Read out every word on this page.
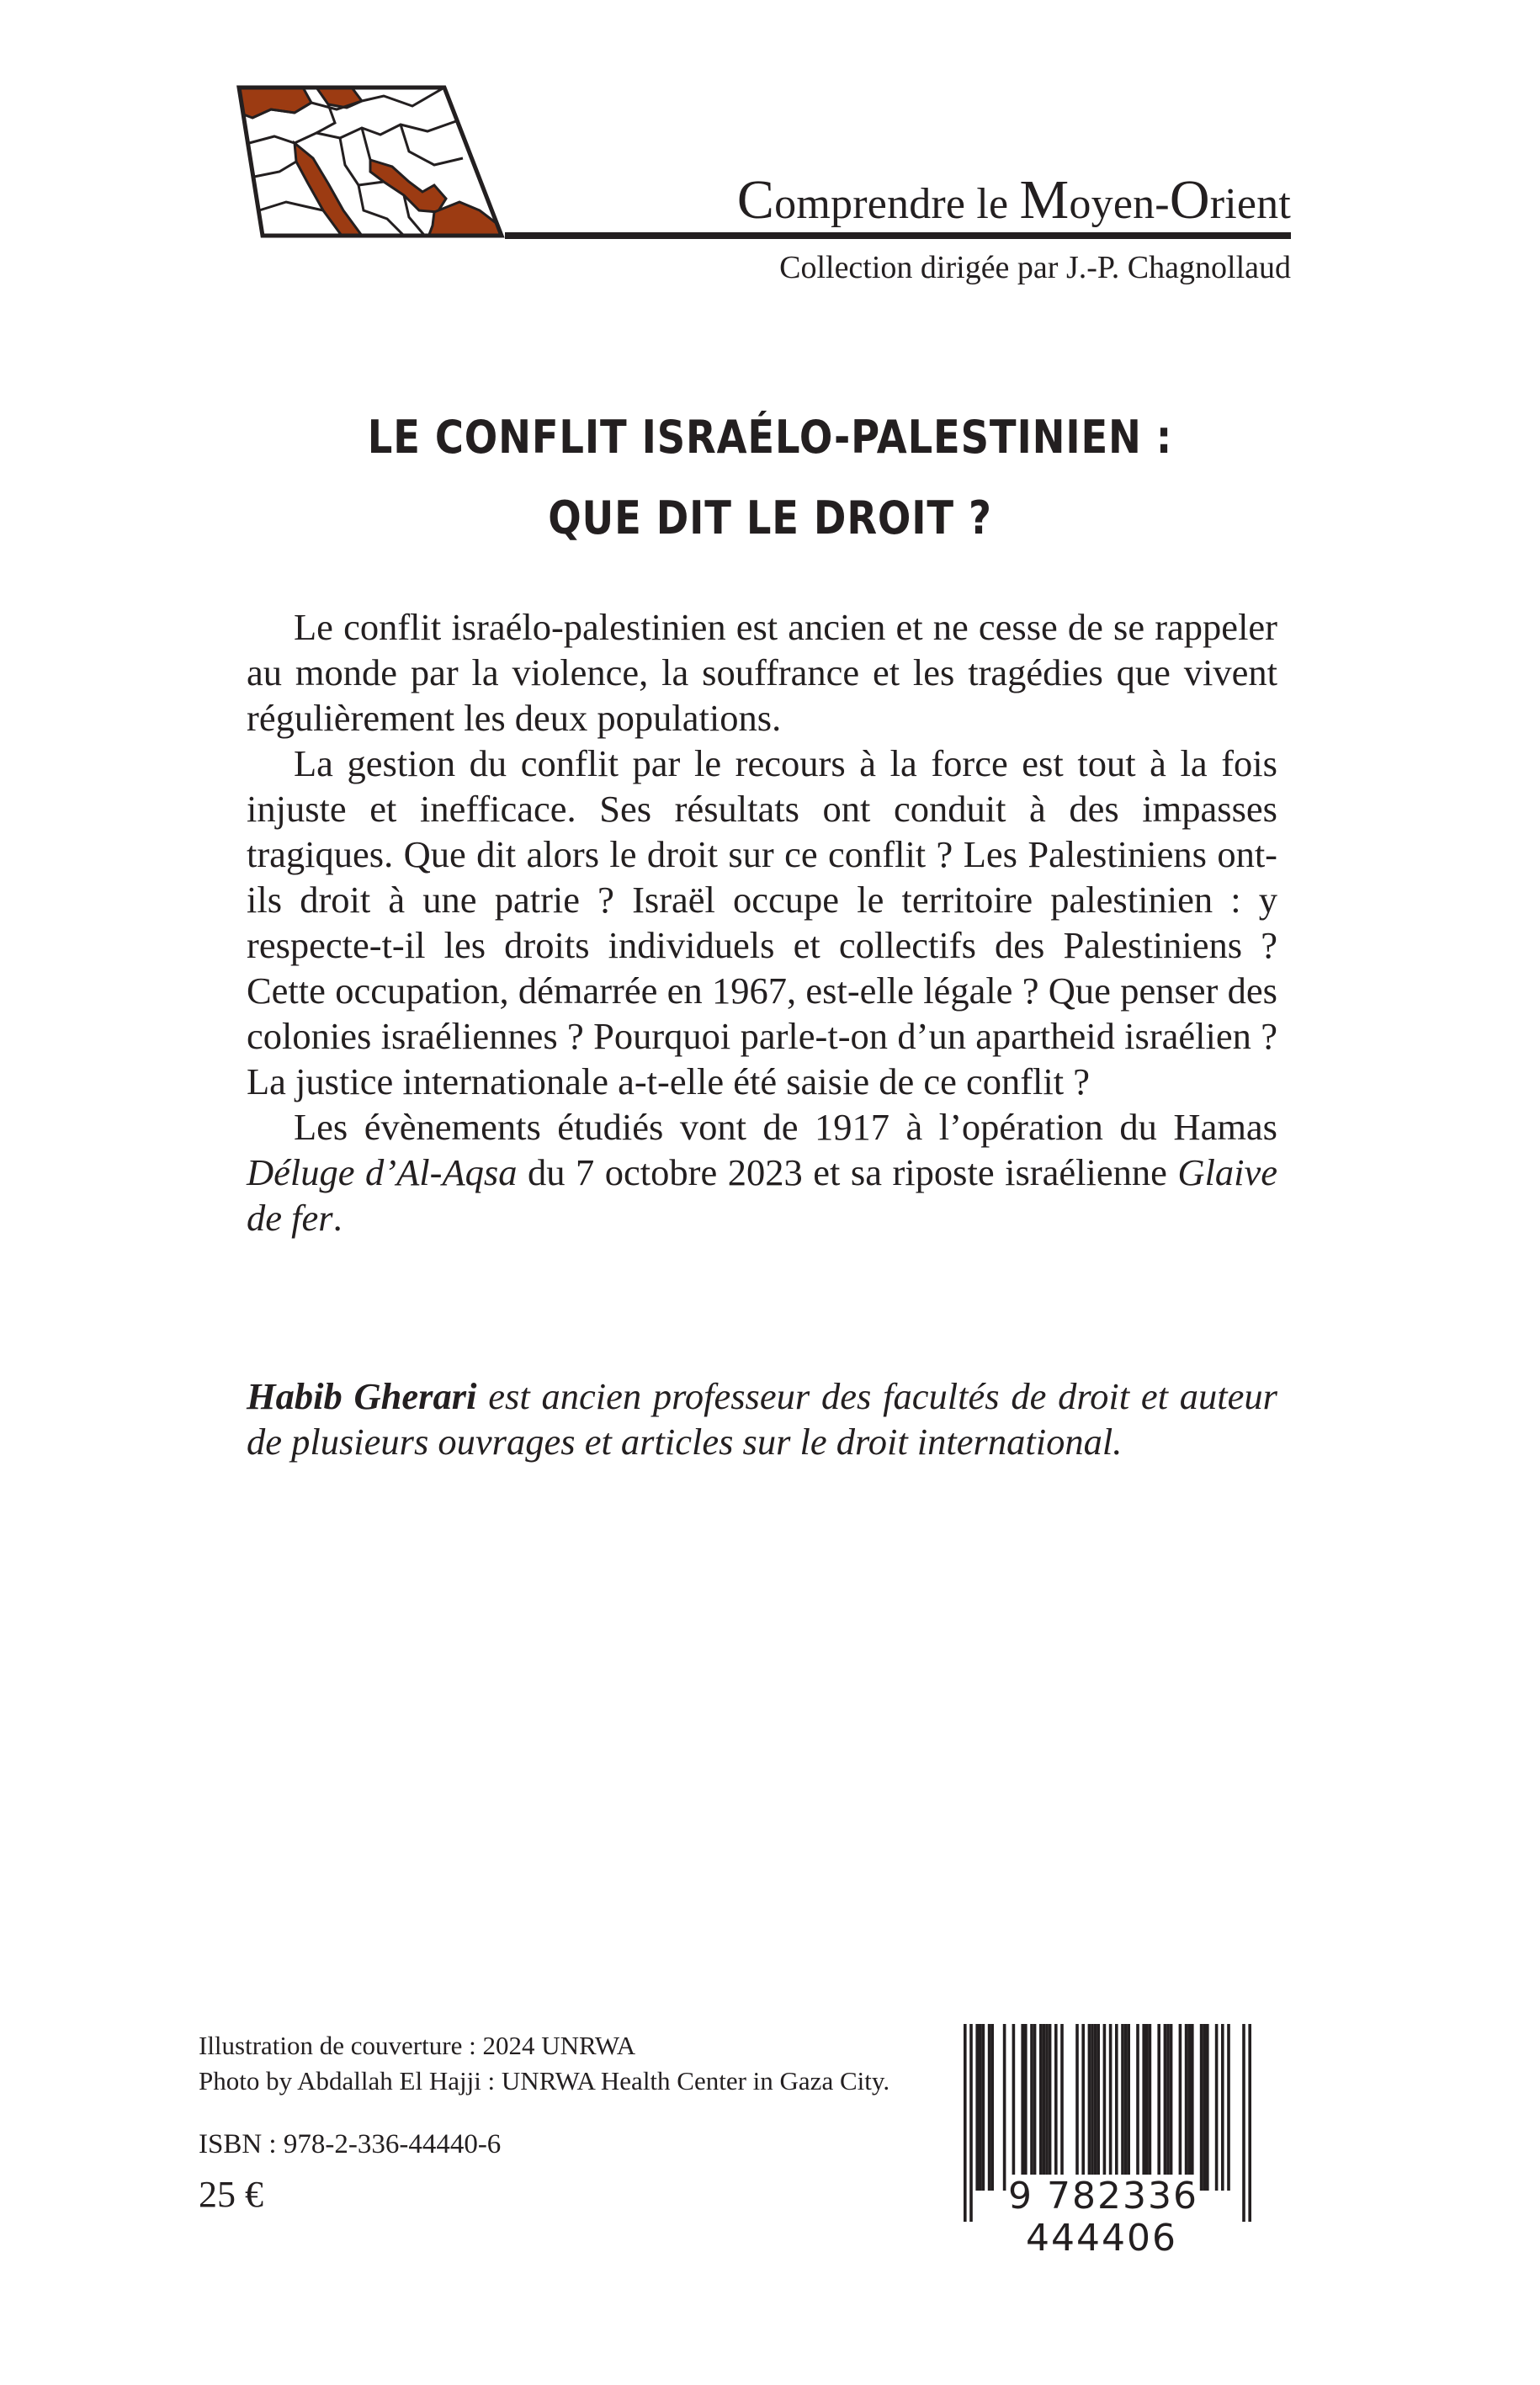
Comprendre le Moyen-Orient
Collection dirigée par J.-P. Chagnollaud
LE CONFLIT ISRAÉLO-PALESTINIEN :
QUE DIT LE DROIT ?

Le conflit israélo-palestinien est ancien et ne cesse de se rappeler au monde par la violence, la souffrance et les tragédies que vivent régulièrement les deux populations.

La gestion du conflit par le recours à la force est tout à la fois injuste et inefficace. Ses résultats ont conduit à des impasses tragiques. Que dit alors le droit sur ce conflit ? Les Palestiniens ont-ils droit à une patrie ? Israël occupe le territoire palestinien : y respecte-t-il les droits individuels et collectifs des Palestiniens ? Cette occupation, démarrée en 1967, est-elle légale ? Que penser des colonies israéliennes ? Pourquoi parle-t-on d’un apartheid israélien ? La justice internationale a-t-elle été saisie de ce conflit ?

Les évènements étudiés vont de 1917 à l’opération du Hamas Déluge d’Al-Aqsa du 7 octobre 2023 et sa riposte israélienne Glaive de fer.

Habib Gherari est ancien professeur des facultés de droit et auteur de plusieurs ouvrages et articles sur le droit international.
Illustration de couverture : 2024 UNRWA
Photo by Abdallah El Hajji : UNRWA Health Center in Gaza City.
ISBN : 978-2-336-44440-6
25 €	9 782336 444406
